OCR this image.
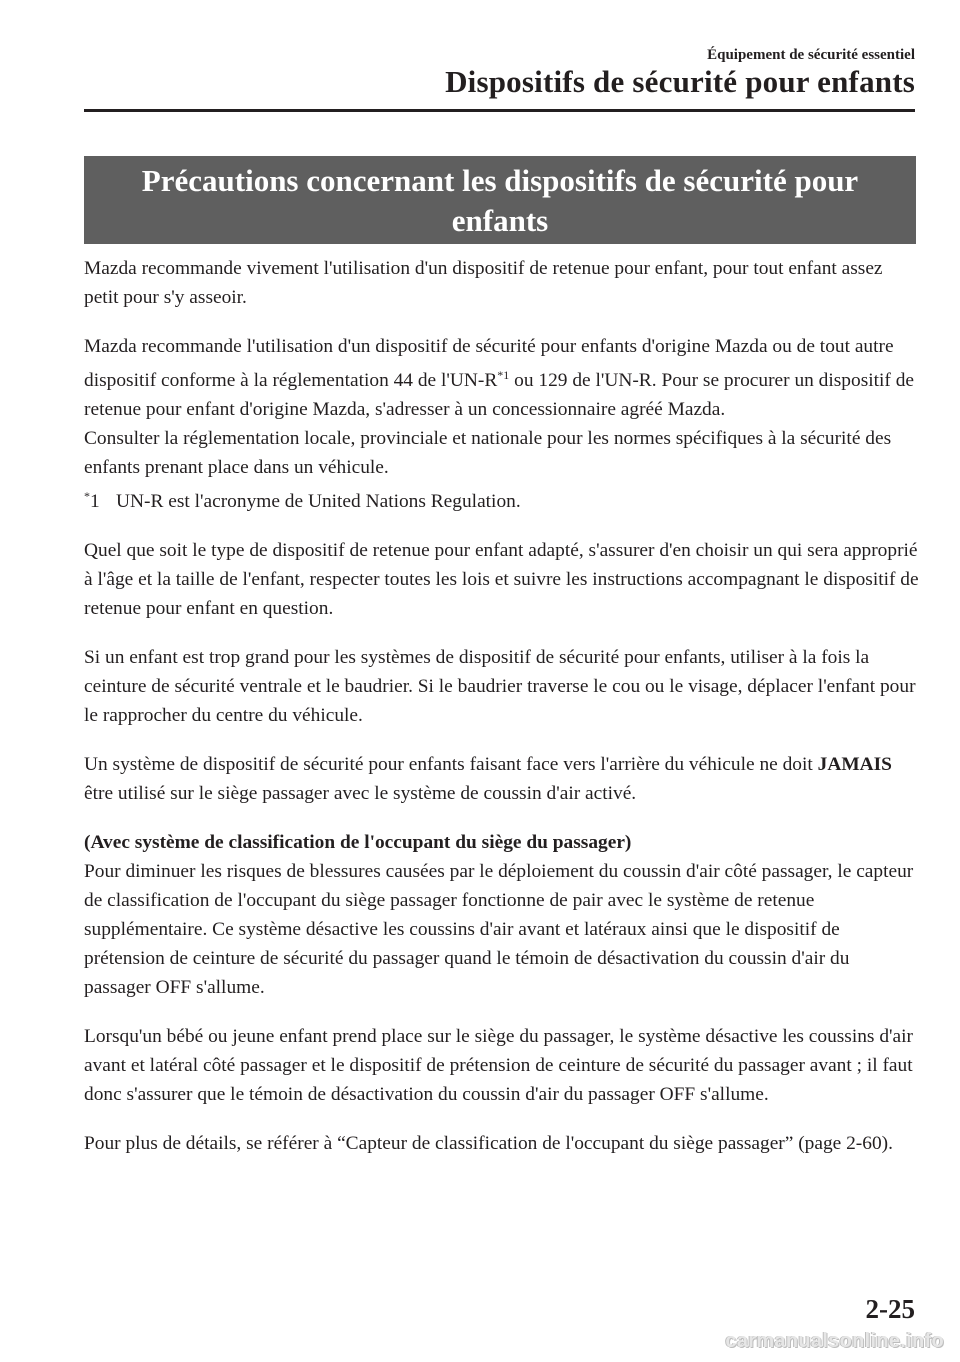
Équipement de sécurité essentiel
Dispositifs de sécurité pour enfants
Précautions concernant les dispositifs de sécurité pour
enfants

Mazda recommande vivement l'utilisation d'un dispositif de retenue pour enfant, pour tout enfant assez petit pour s'y asseoir.

Mazda recommande l'utilisation d'un dispositif de sécurité pour enfants d'origine Mazda ou de tout autre dispositif conforme à la réglementation 44 de l'UN-R$^{*1}$ ou 129 de l'UN-R. Pour se procurer un dispositif de retenue pour enfant d'origine Mazda, s'adresser à un concessionnaire agréé Mazda.

Consulter la réglementation locale, provinciale et nationale pour les normes spécifiques à la sécurité des enfants prenant place dans un véhicule.

*1 UN-R est l'acronyme de United Nations Regulation.

Quel que soit le type de dispositif de retenue pour enfant adapté, s'assurer d'en choisir un qui sera approprié à l'âge et la taille de l'enfant, respecter toutes les lois et suivre les instructions accompagnant le dispositif de retenue pour enfant en question.

Si un enfant est trop grand pour les systèmes de dispositif de sécurité pour enfants, utiliser à la fois la ceinture de sécurité ventrale et le baudrier. Si le baudrier traverse le cou ou le visage, déplacer l'enfant pour le rapprocher du centre du véhicule.

Un système de dispositif de sécurité pour enfants faisant face vers l'arrière du véhicule ne doit JAMAIS être utilisé sur le siège passager avec le système de coussin d'air activé.

(Avec système de classification de l'occupant du siège du passager)

Pour diminuer les risques de blessures causées par le déploiement du coussin d'air côté passager, le capteur de classification de l'occupant du siège passager fonctionne de pair avec le système de retenue supplémentaire. Ce système désactive les coussins d'air avant et latéraux ainsi que le dispositif de prétension de ceinture de sécurité du passager quand le témoin de désactivation du coussin d'air du passager OFF s'allume.

Lorsqu'un bébé ou jeune enfant prend place sur le siège du passager, le système désactive les coussins d'air avant et latéral côté passager et le dispositif de prétension de ceinture de sécurité du passager avant ; il faut donc s'assurer que le témoin de désactivation du coussin d'air du passager OFF s'allume.

Pour plus de détails, se référer à “Capteur de classification de l'occupant du siège passager” (page 2-60).

2-25
carmanualsonline.info
